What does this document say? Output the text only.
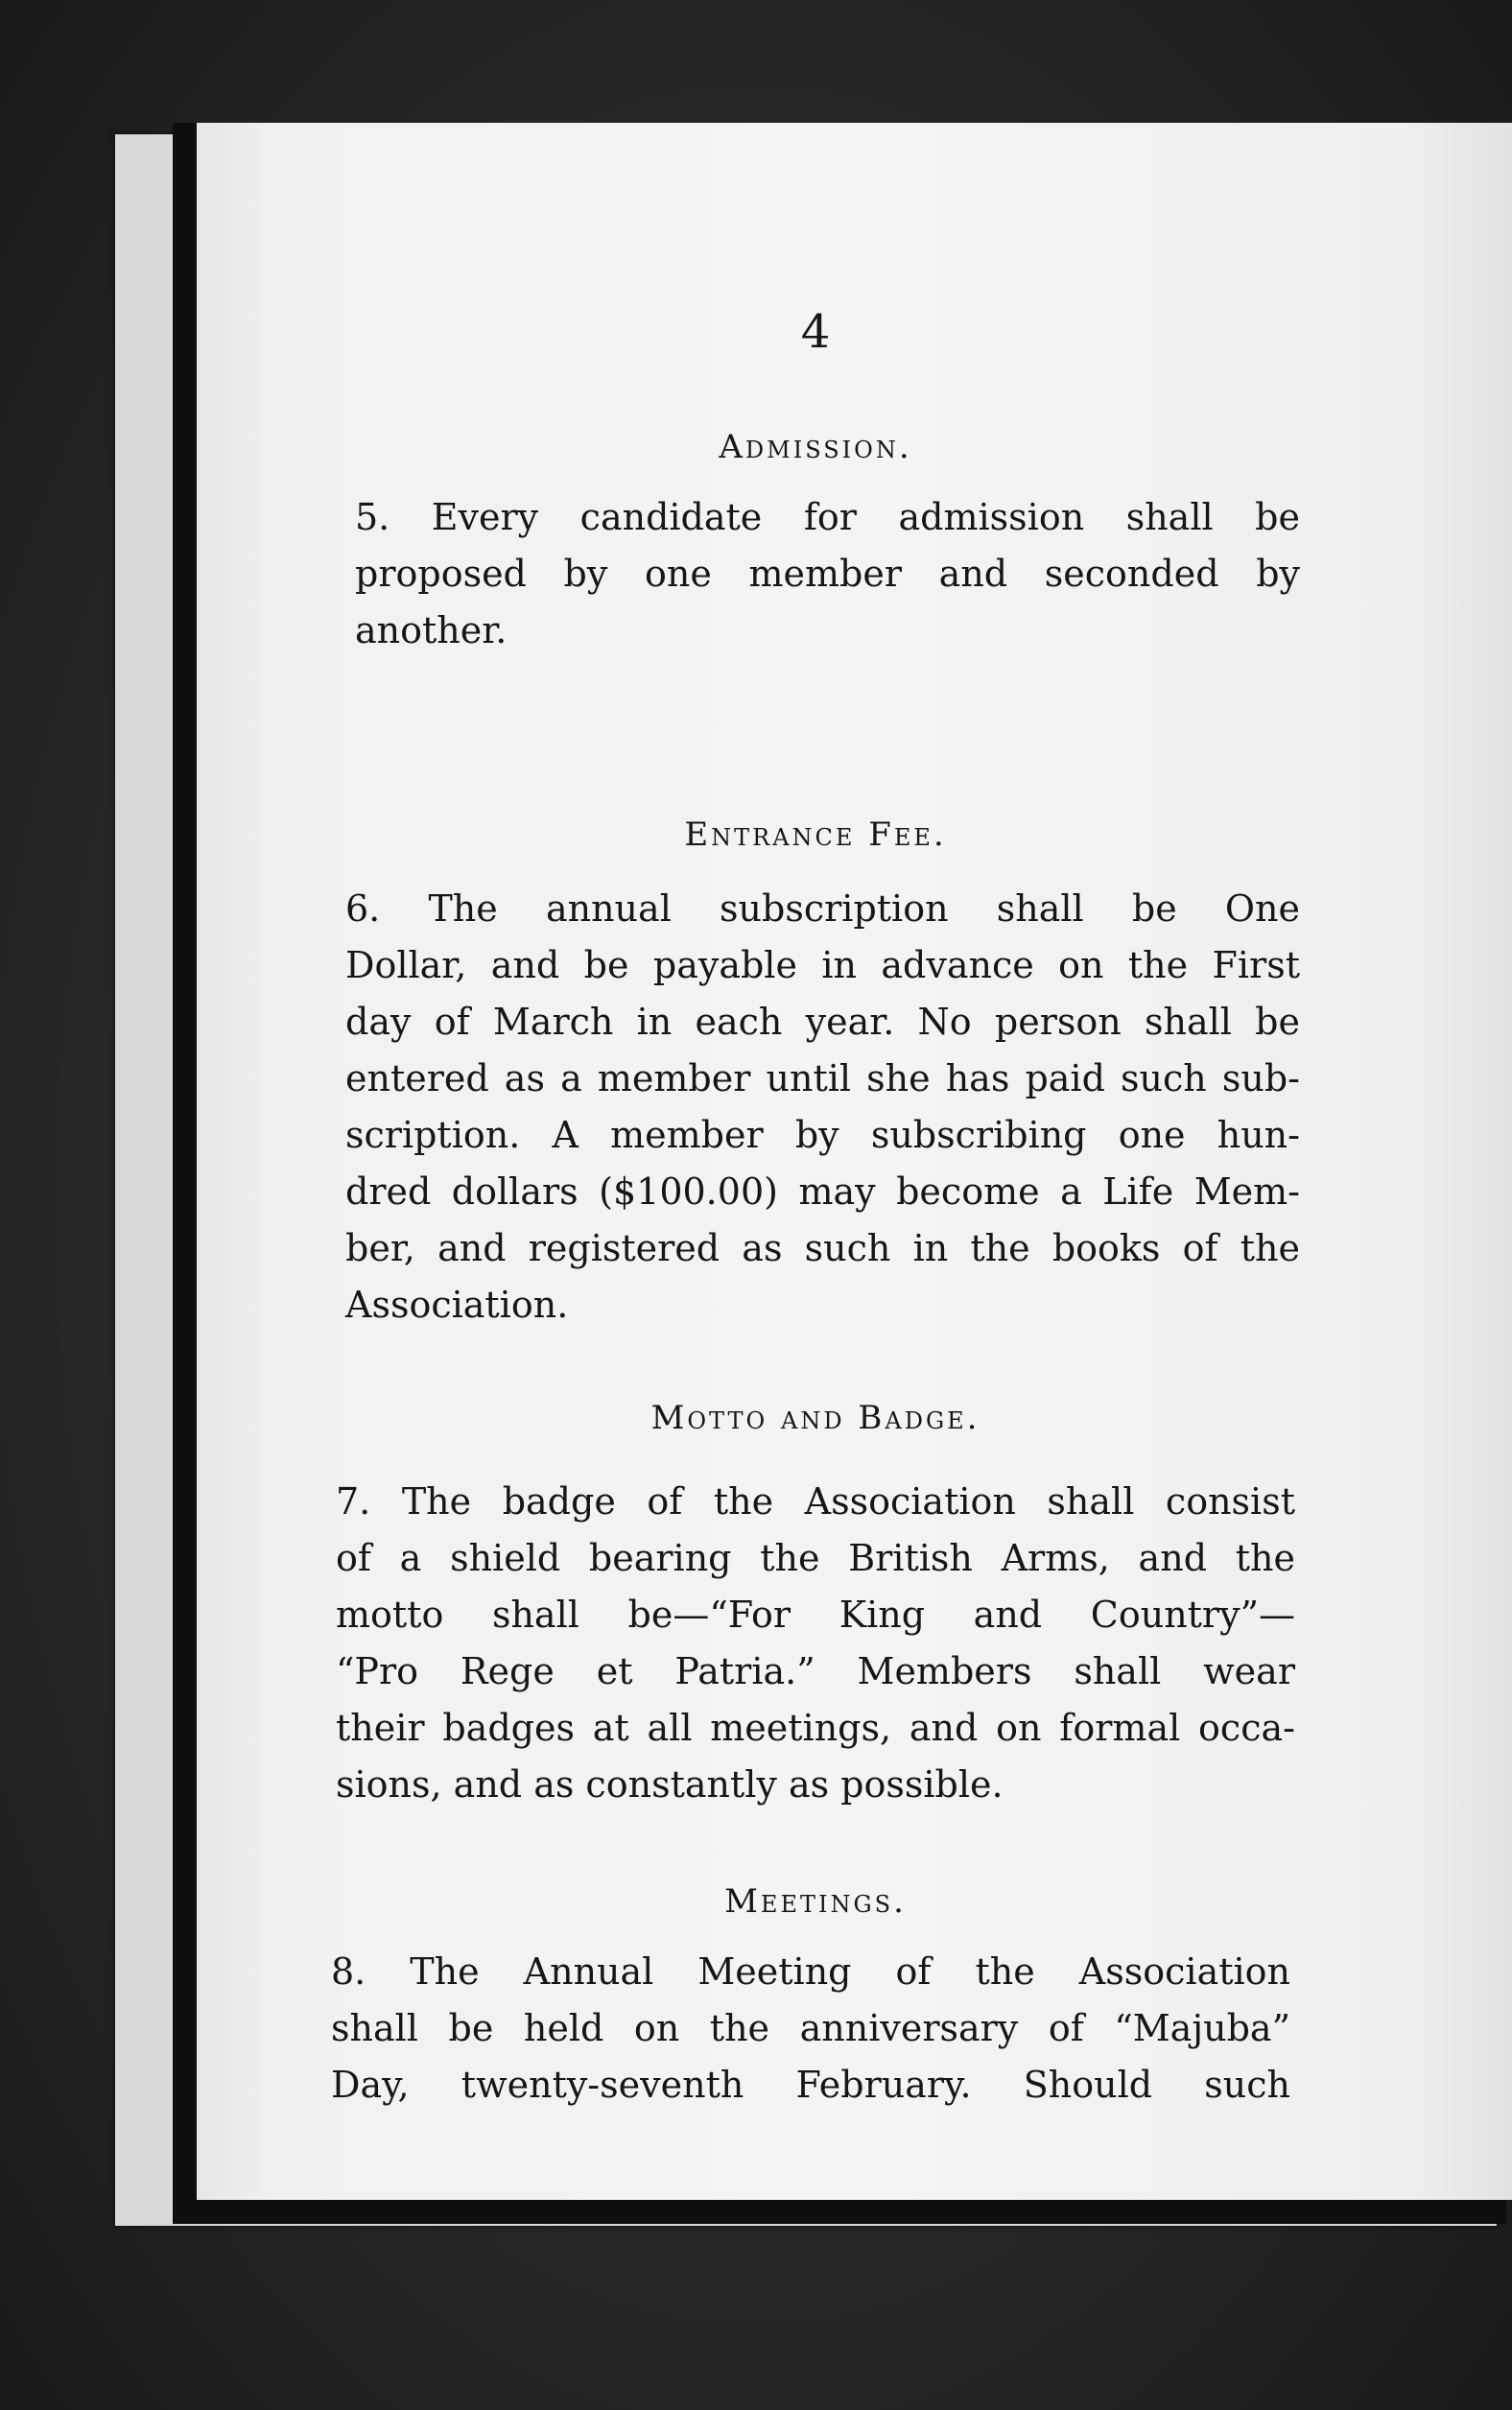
4
Admission.
5. Every candidate for admission shall be
proposed by one member and seconded by
another.
Entrance Fee.
6. The annual subscription shall be One
Dollar, and be payable in advance on the First
day of March in each year. No person shall be
entered as a member until she has paid such sub-
scription. A member by subscribing one hun-
dred dollars ($100.00) may become a Life Mem-
ber, and registered as such in the books of the
Association.
Motto and Badge.
7. The badge of the Association shall consist
of a shield bearing the British Arms, and the
motto shall be—“For King and Country”—
“Pro Rege et Patria.” Members shall wear
their badges at all meetings, and on formal occa-
sions, and as constantly as possible.
Meetings.
8. The Annual Meeting of the Association
shall be held on the anniversary of “Majuba”
Day, twenty-seventh February. Should such
